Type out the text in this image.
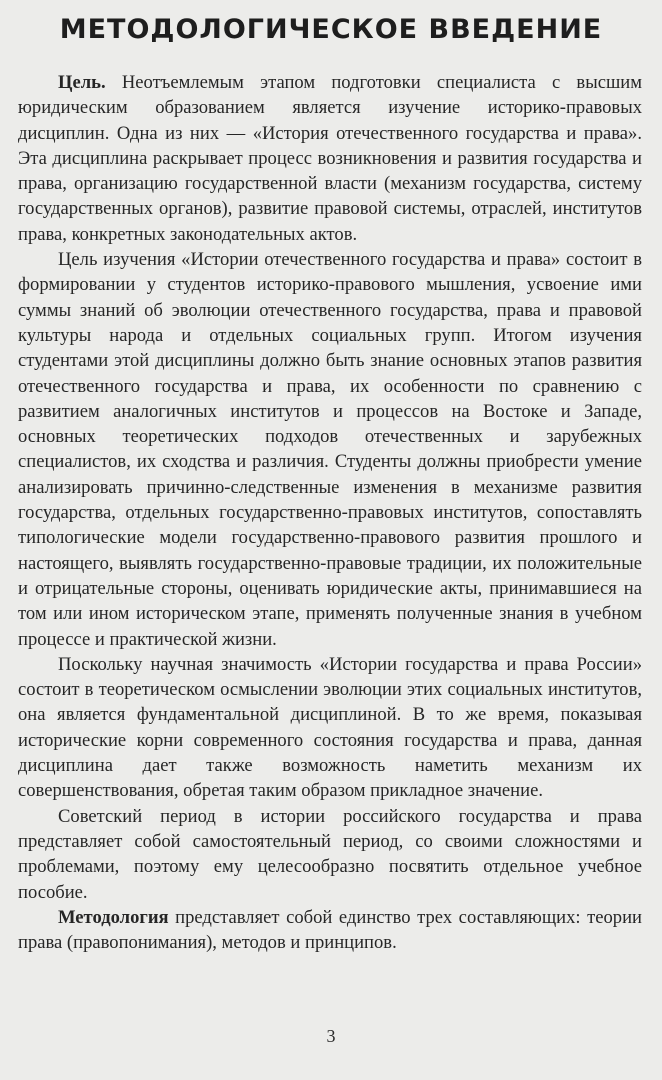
МЕТОДОЛОГИЧЕСКОЕ ВВЕДЕНИЕ

Цель. Неотъемлемым этапом подготовки специалиста с высшим юридическим образованием является изучение историко-правовых дисциплин. Одна из них — «История отечественного государства и права». Эта дисциплина раскрывает процесс возникновения и развития государства и права, организацию государственной власти (механизм государства, систему государственных органов), развитие правовой системы, отраслей, институтов права, конкретных законодательных актов.

Цель изучения «Истории отечественного государства и права» состоит в формировании у студентов историко-правового мышления, усвоение ими суммы знаний об эволюции отечественного государства, права и правовой культуры народа и отдельных социальных групп. Итогом изучения студентами этой дисциплины должно быть знание основных этапов развития отечественного государства и права, их особенности по сравнению с развитием аналогичных институтов и процессов на Востоке и Западе, основных теоретических подходов отечественных и зарубежных специалистов, их сходства и различия. Студенты должны приобрести умение анализировать причинно-следственные изменения в механизме развития государства, отдельных государственно-правовых институтов, сопоставлять типологические модели государственно-правового развития прошлого и настоящего, выявлять государственно-правовые традиции, их положительные и отрицательные стороны, оценивать юридические акты, принимавшиеся на том или ином историческом этапе, применять полученные знания в учебном процессе и практической жизни.

Поскольку научная значимость «Истории государства и права России» состоит в теоретическом осмыслении эволюции этих социальных институтов, она является фундаментальной дисциплиной. В то же время, показывая исторические корни современного состояния государства и права, данная дисциплина дает также возможность наметить механизм их совершенствования, обретая таким образом прикладное значение.

Советский период в истории российского государства и права представляет собой самостоятельный период, со своими сложностями и проблемами, поэтому ему целесообразно посвятить отдельное учебное пособие.

Методология представляет собой единство трех составляющих: теории права (правопонимания), методов и принципов.

3
